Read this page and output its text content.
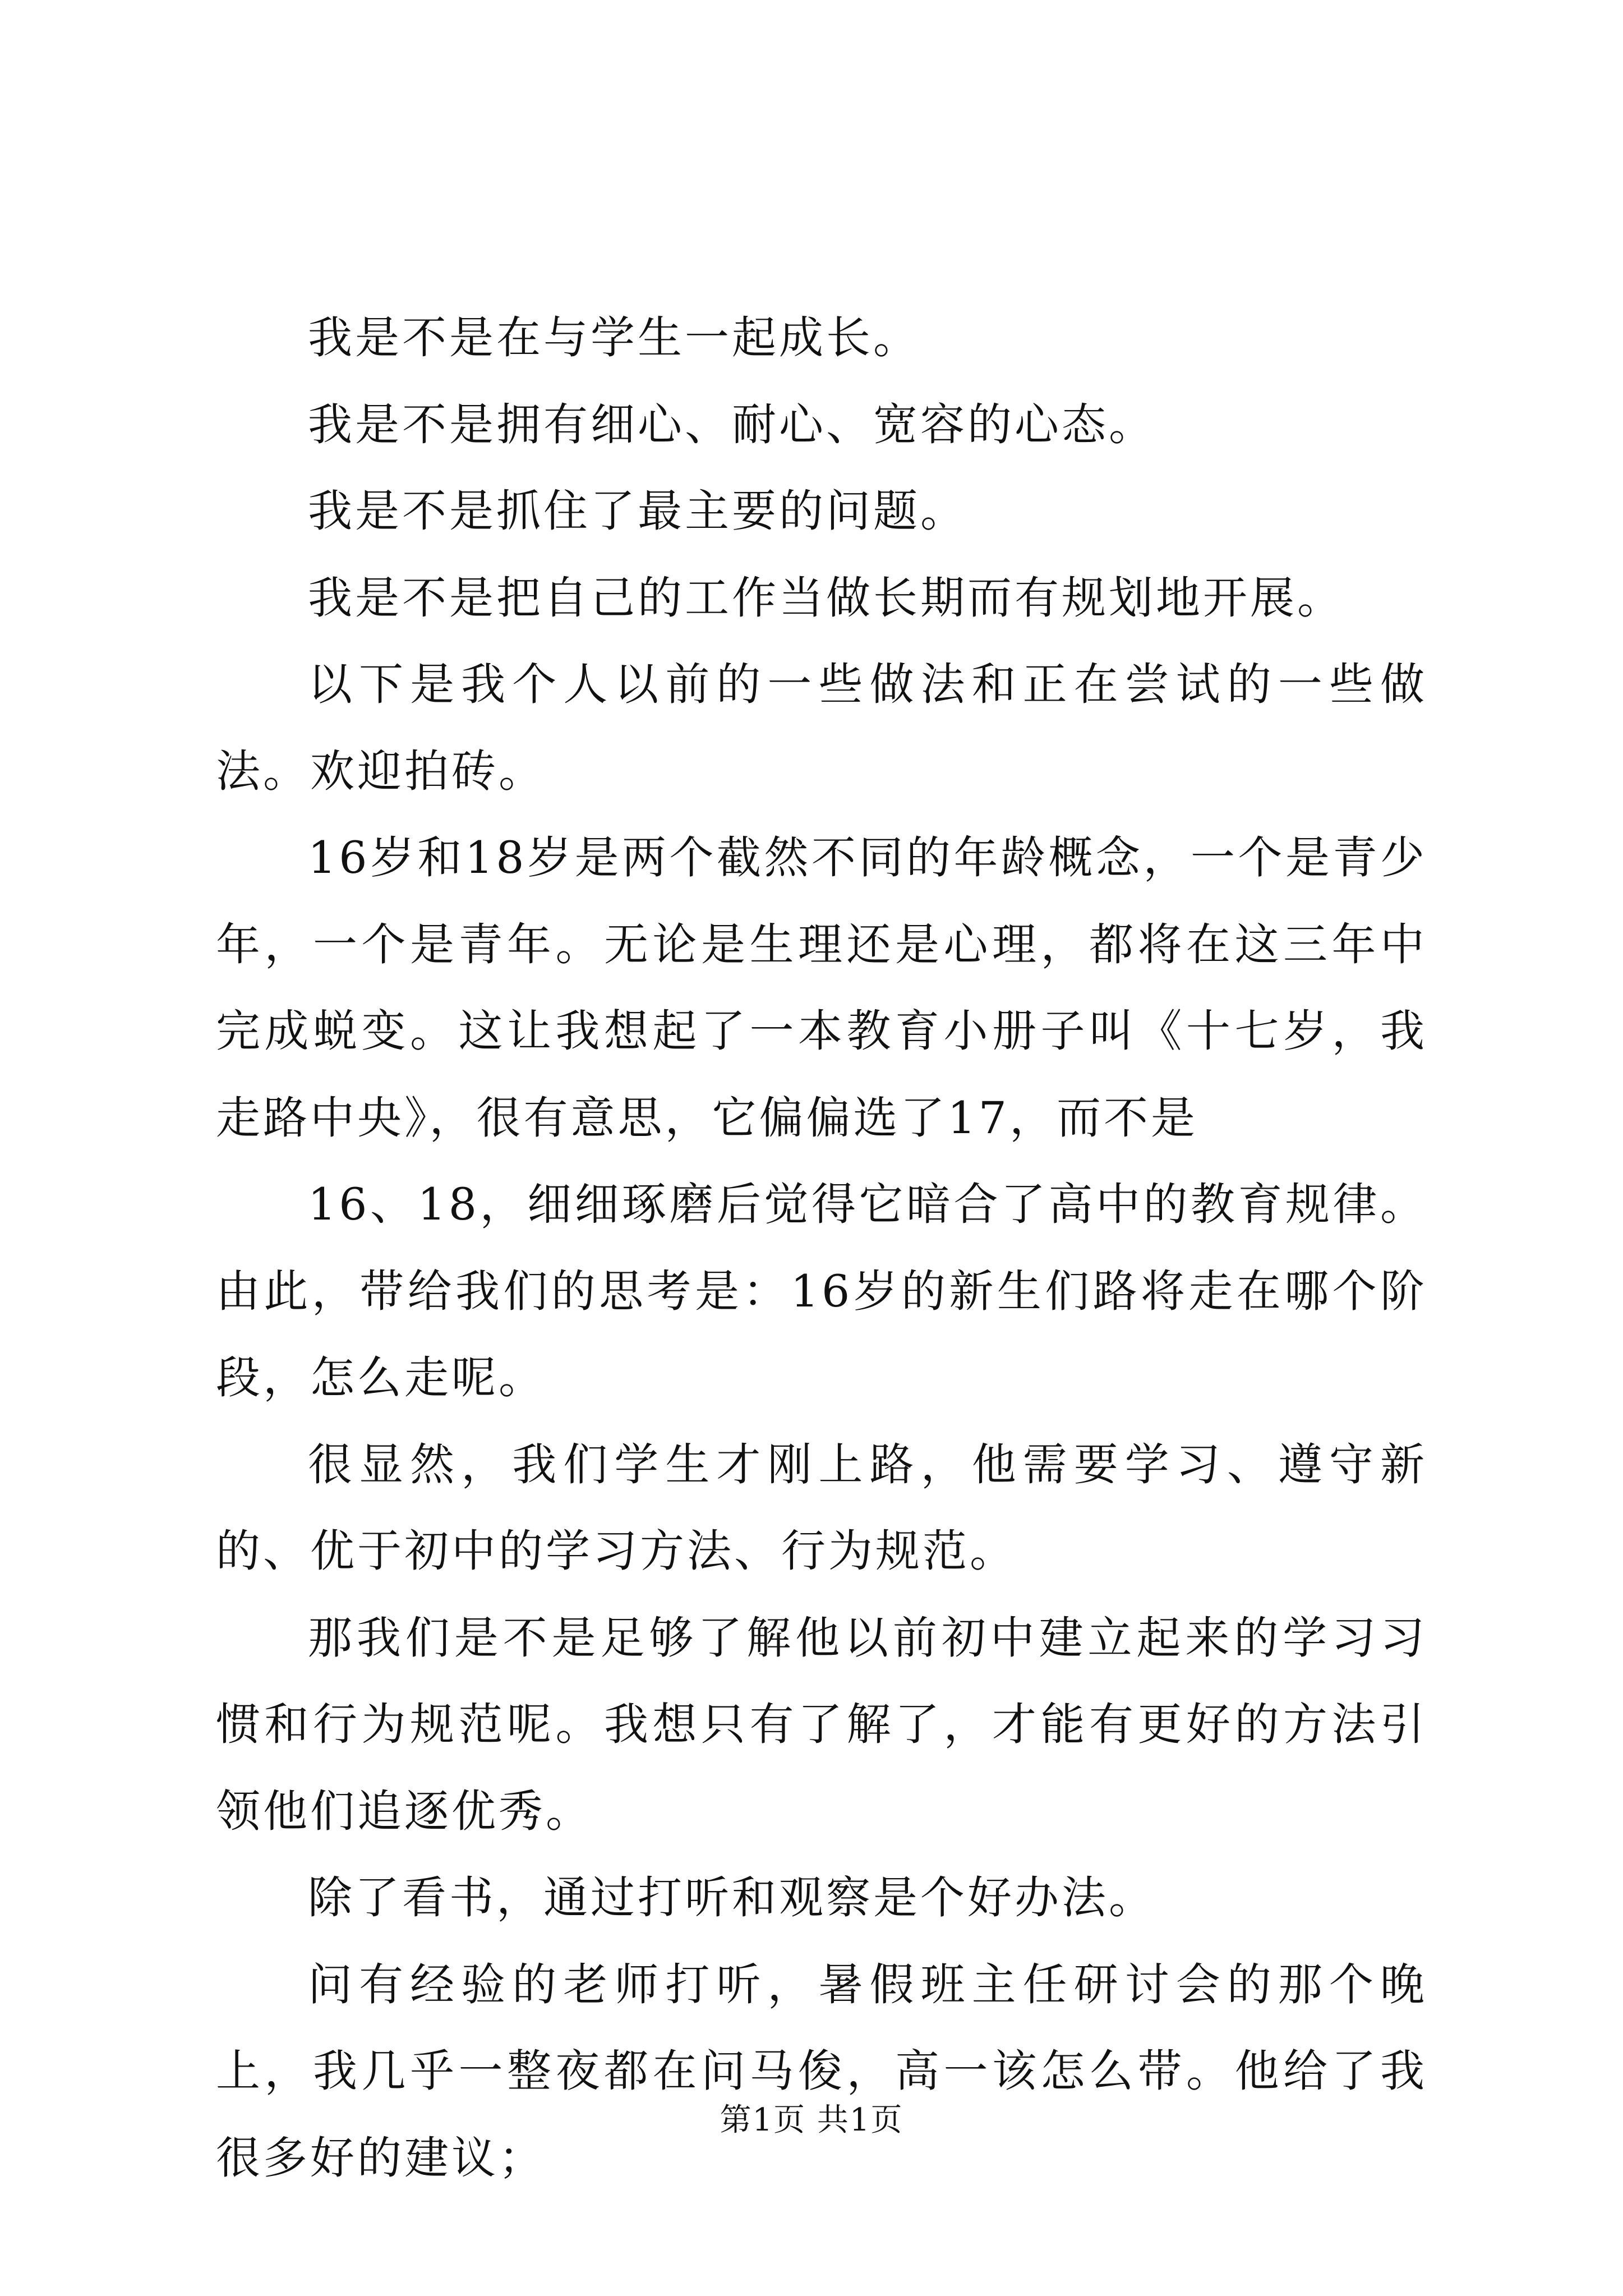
我是不是在与学生一起成长。

我是不是拥有细心、耐心、宽容的心态。

我是不是抓住了最主要的问题。

我是不是把自己的工作当做长期而有规划地开展。

以下是我个人以前的一些做法和正在尝试的一些做法。欢迎拍砖。

16岁和18岁是两个截然不同的年龄概念，一个是青少年，一个是青年。无论是生理还是心理，都将在这三年中完成蜕变。这让我想起了一本教育小册子叫《十七岁，我走路中央》，很有意思，它偏偏选了17，而不是

16、18，细细琢磨后觉得它暗合了高中的教育规律。由此，带给我们的思考是：16岁的新生们路将走在哪个阶段，怎么走呢。

很显然，我们学生才刚上路，他需要学习、遵守新的、优于初中的学习方法、行为规范。

那我们是不是足够了解他以前初中建立起来的学习习惯和行为规范呢。我想只有了解了，才能有更好的方法引领他们追逐优秀。

除了看书，通过打听和观察是个好办法。

问有经验的老师打听，暑假班主任研讨会的那个晚上，我几乎一整夜都在问马俊，高一该怎么带。他给了我很多好的建议；

第1页 共1页
